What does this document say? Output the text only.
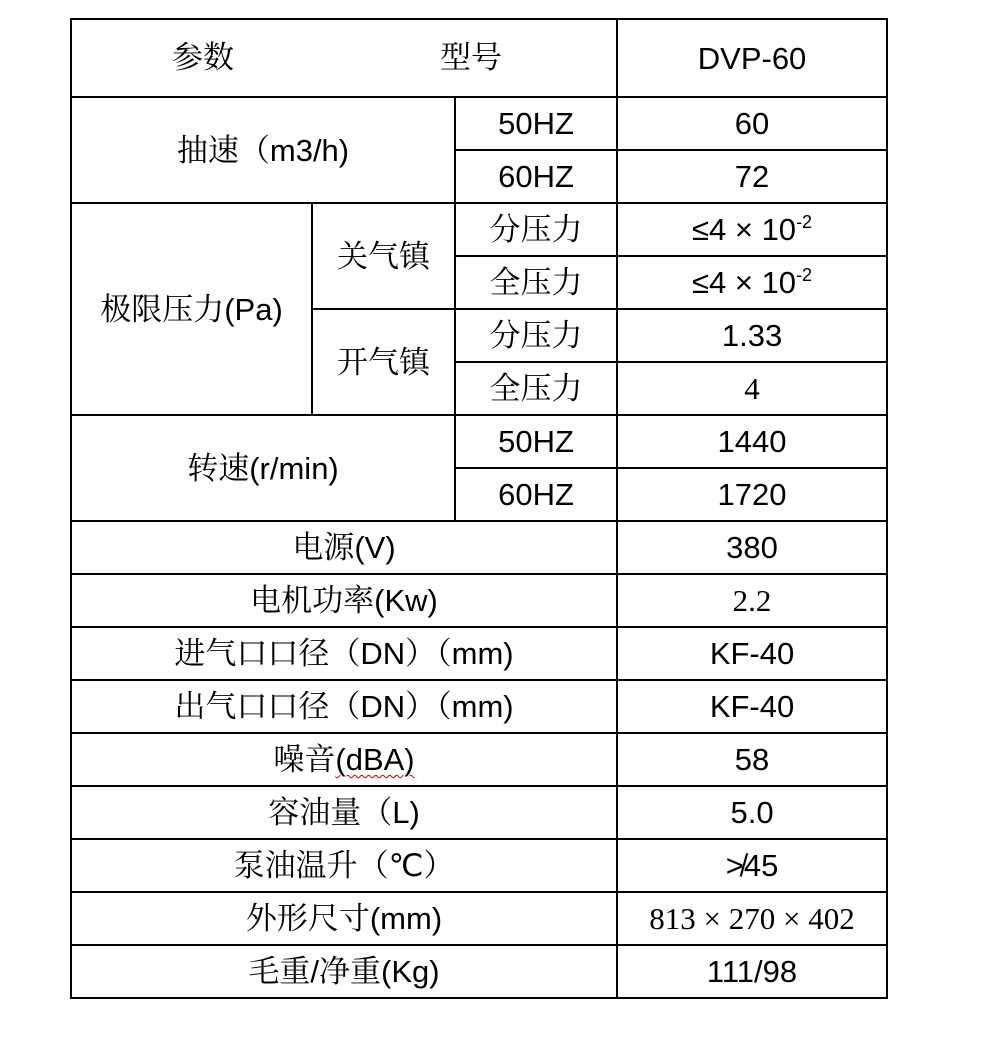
参数 型号			DVP-60
抽速（m3/h)		50HZ	60
		60HZ	72
极限压力(Pa)	关气镇	分压力	$\le 4 \times 10^{-2}$
		全压力	$\le 4 \times 10^{-2}$
	开气镇	分压力	1.33
		全压力	4
转速(r/min)		50HZ	1440
		60HZ	1720
电源(V)			380
电机功率(Kw)			2.2
进气口口径（DN）（mm)			KF-40
出气口口径（DN）（mm)			KF-40
噪音(dBA)			58
容油量（L)			5.0
泵油温升（℃）			≯45
外形尺寸(mm)			813 × 270 × 402
毛重/净重(Kg)			111/98
